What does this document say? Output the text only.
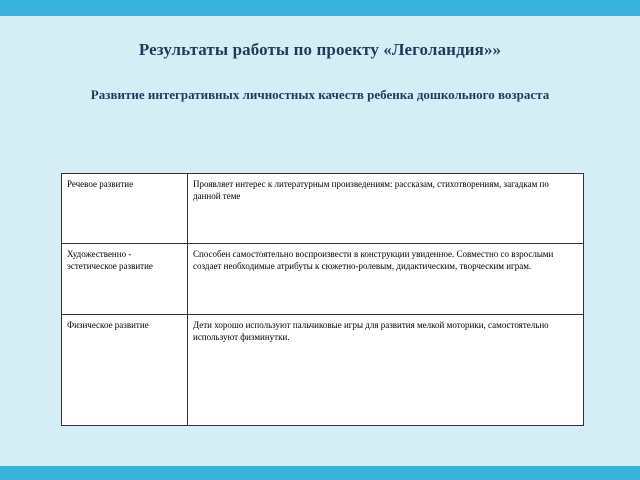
Результаты работы по проекту «Леголандия»»
Развитие интегративных личностных качеств ребенка дошкольного возраста
Речевое развитие	Проявляет интерес к литературным произведениям: рассказам, стихотворениям, загадкам по данной теме
Художественно - эстетическое развитие	Способен самостоятельно воспроизвести в конструкции увиденное. Совместно со взрослыми создает необходимые атрибуты к сюжетно-ролевым, дидактическим, творческим играм.
Физическое развитие	Дети хорошо используют пальчиковые игры для развития мелкой моторики, самостоятельно используют физминутки.
